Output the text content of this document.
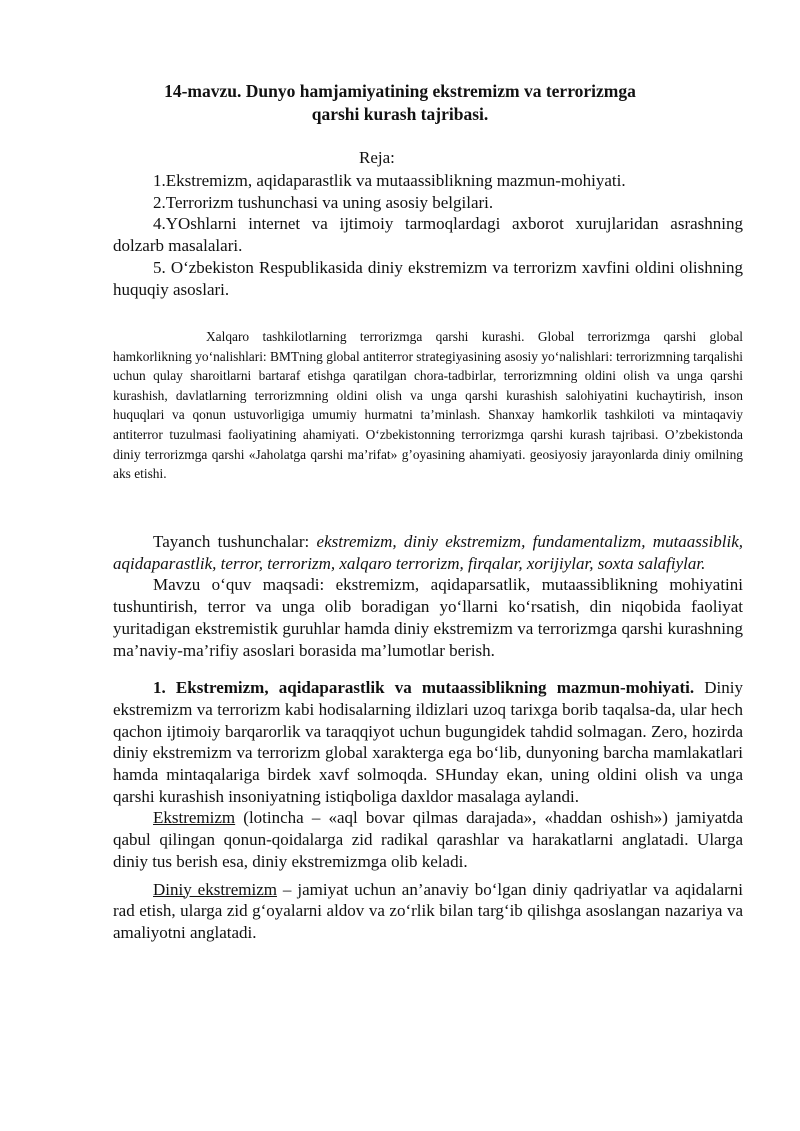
14-mavzu. Dunyo hamjamiyatining ekstremizm va terrorizmga qarshi kurash tajribasi.
Reja:

1.Ekstremizm, aqidaparastlik va mutaassiblikning mazmun-mohiyati.

2.Terrorizm tushunchasi va uning asosiy belgilari.

4.YOshlarni internet va ijtimoiy tarmoqlardagi axborot xurujlaridan asrashning dolzarb masalalari.

5. O‘zbekiston Respublikasida diniy ekstremizm va terrorizm xavfini oldini olishning huquqiy asoslari.

Xalqaro tashkilotlarning terrorizmga qarshi kurashi. Global terrorizmga qarshi global hamkorlikning yo‘nalishlari: BMTning global antiterror strategiyasining asosiy yo‘nalishlari: terrorizmning tarqalishi uchun qulay sharoitlarni bartaraf etishga qaratilgan chora-tadbirlar, terrorizmning oldini olish va unga qarshi kurashish, davlatlarning terrorizmning oldini olish va unga qarshi kurashish salohiyatini kuchaytirish, inson huquqlari va qonun ustuvorligiga umumiy hurmatni ta’minlash. Shanxay hamkorlik tashkiloti va mintaqaviy antiterror tuzulmasi faoliyatining ahamiyati. O‘zbekistonning terrorizmga qarshi kurash tajribasi. O’zbekistonda diniy terrorizmga qarshi «Jaholatga qarshi ma’rifat» g’oyasining ahamiyati. geosiyosiy jarayonlarda diniy omilning aks etishi.

Tayanch tushunchalar: ekstremizm, diniy ekstremizm, fundamentalizm, mutaassiblik, aqidaparastlik, terror, terrorizm, xalqaro terrorizm, firqalar, xorijiylar, soxta salafiylar.

Mavzu o‘quv maqsadi: ekstremizm, aqidaparsatlik, mutaassiblikning mohiyatini tushuntirish, terror va unga olib boradigan yo‘llarni ko‘rsatish, din niqobida faoliyat yuritadigan ekstremistik guruhlar hamda diniy ekstremizm va terrorizmga qarshi kurashning ma’naviy-ma’rifiy asoslari borasida ma’lumotlar berish.

1. Ekstremizm, aqidaparastlik va mutaassiblikning mazmun-mohiyati. Diniy ekstremizm va terrorizm kabi hodisalarning ildizlari uzoq tarixga borib taqalsa-da, ular hech qachon ijtimoiy barqarorlik va taraqqiyot uchun bugungidek tahdid solmagan. Zero, hozirda diniy ekstremizm va terrorizm global xarakterga ega bo‘lib, dunyoning barcha mamlakatlari hamda mintaqalariga birdek xavf solmoqda. SHunday ekan, uning oldini olish va unga qarshi kurashish insoniyatning istiqboliga daxldor masalaga aylandi.

Ekstremizm (lotincha – «aql bovar qilmas darajada», «haddan oshish») jamiyatda qabul qilingan qonun-qoidalarga zid radikal qarashlar va harakatlarni anglatadi. Ularga diniy tus berish esa, diniy ekstremizmga olib keladi.

Diniy ekstremizm – jamiyat uchun an’anaviy bo‘lgan diniy qadriyatlar va aqidalarni rad etish, ularga zid g‘oyalarni aldov va zo‘rlik bilan targ‘ib qilishga asoslangan nazariya va amaliyotni anglatadi.
